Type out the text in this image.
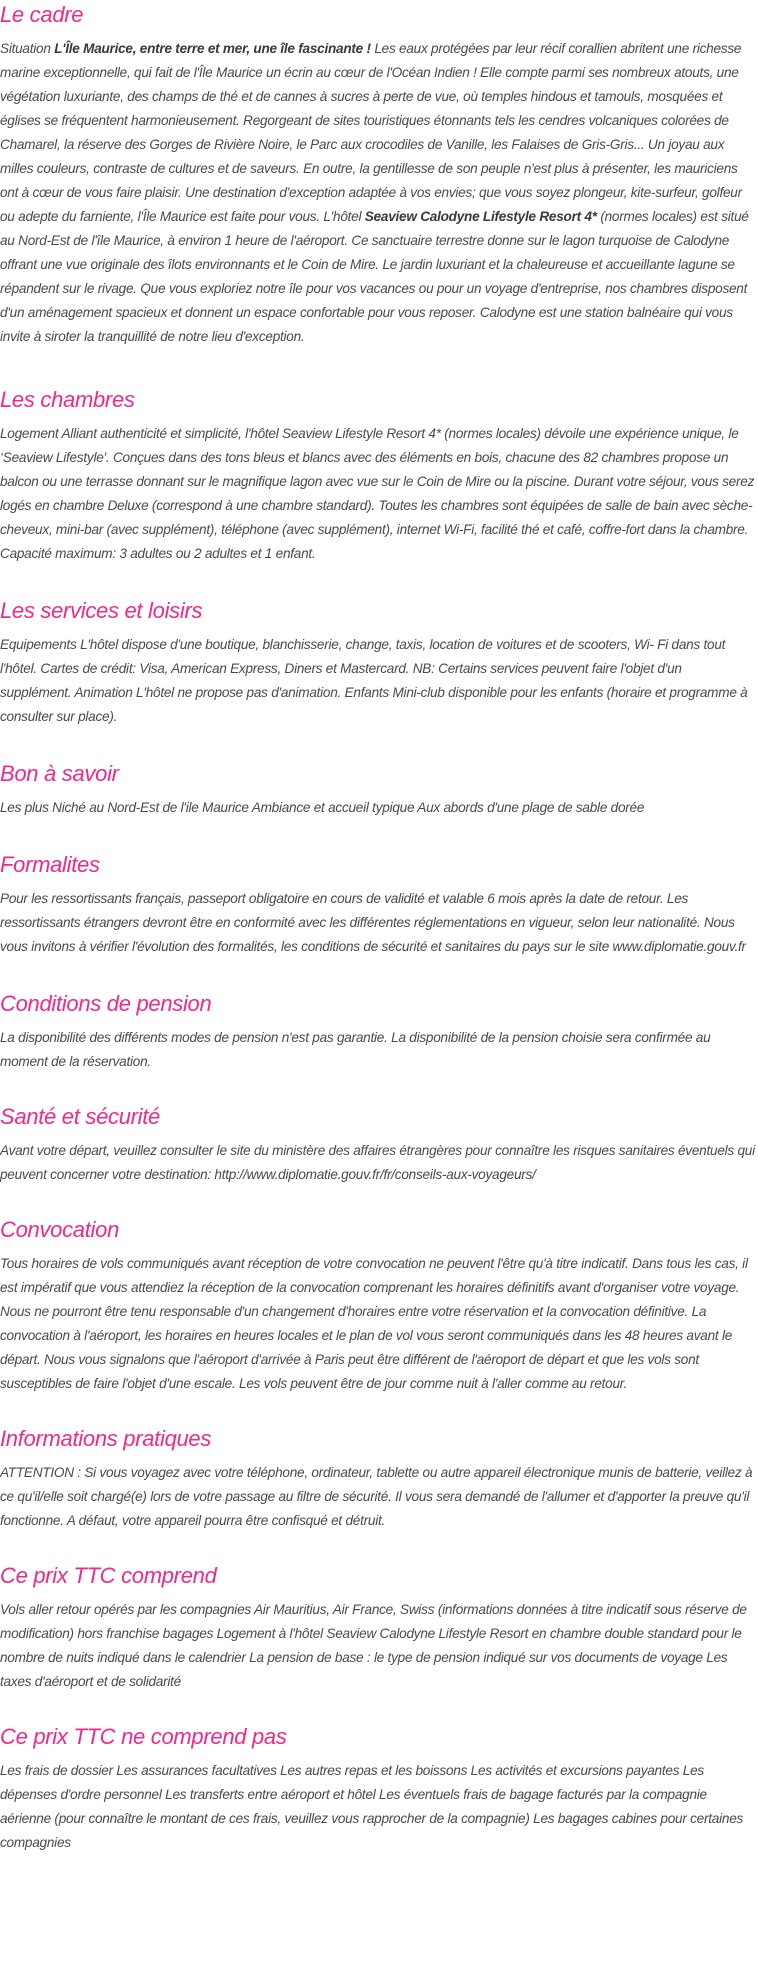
Le cadre

Situation L'Île Maurice, entre terre et mer, une île fascinante ! Les eaux protégées par leur récif corallien abritent une richesse marine exceptionnelle, qui fait de l'Île Maurice un écrin au cœur de l'Océan Indien ! Elle compte parmi ses nombreux atouts, une végétation luxuriante, des champs de thé et de cannes à sucres à perte de vue, où temples hindous et tamouls, mosquées et églises se fréquentent harmonieusement. Regorgeant de sites touristiques étonnants tels les cendres volcaniques colorées de Chamarel, la réserve des Gorges de Rivière Noire, le Parc aux crocodiles de Vanille, les Falaises de Gris-Gris... Un joyau aux milles couleurs, contraste de cultures et de saveurs. En outre, la gentillesse de son peuple n'est plus à présenter, les mauriciens ont à cœur de vous faire plaisir. Une destination d'exception adaptée à vos envies; que vous soyez plongeur, kite-surfeur, golfeur ou adepte du farniente, l'Île Maurice est faite pour vous. L'hôtel Seaview Calodyne Lifestyle Resort 4* (normes locales) est situé au Nord-Est de l'île Maurice, à environ 1 heure de l'aéroport. Ce sanctuaire terrestre donne sur le lagon turquoise de Calodyne offrant une vue originale des îlots environnants et le Coin de Mire. Le jardin luxuriant et la chaleureuse et accueillante lagune se répandent sur le rivage. Que vous exploriez notre île pour vos vacances ou pour un voyage d'entreprise, nos chambres disposent d'un aménagement spacieux et donnent un espace confortable pour vous reposer. Calodyne est une station balnéaire qui vous invite à siroter la tranquillité de notre lieu d'exception.

Les chambres

Logement Alliant authenticité et simplicité, l'hôtel Seaview Lifestyle Resort 4* (normes locales) dévoile une expérience unique, le ‘Seaview Lifestyle'. Conçues dans des tons bleus et blancs avec des éléments en bois, chacune des 82 chambres propose un balcon ou une terrasse donnant sur le magnifique lagon avec vue sur le Coin de Mire ou la piscine. Durant votre séjour, vous serez logés en chambre Deluxe (correspond à une chambre standard). Toutes les chambres sont équipées de salle de bain avec sèche-cheveux, mini-bar (avec supplément), téléphone (avec supplément), internet Wi-Fi, facilité thé et café, coffre-fort dans la chambre. Capacité maximum: 3 adultes ou 2 adultes et 1 enfant.

Les services et loisirs

Equipements L'hôtel dispose d'une boutique, blanchisserie, change, taxis, location de voitures et de scooters, Wi- Fi dans tout l'hôtel. Cartes de crédit: Visa, American Express, Diners et Mastercard. NB: Certains services peuvent faire l'objet d'un supplément. Animation L'hôtel ne propose pas d'animation. Enfants Mini-club disponible pour les enfants (horaire et programme à consulter sur place).

Bon à savoir

Les plus Niché au Nord-Est de l'ile Maurice Ambiance et accueil typique Aux abords d'une plage de sable dorée

Formalites

Pour les ressortissants français, passeport obligatoire en cours de validité et valable 6 mois après la date de retour. Les ressortissants étrangers devront être en conformité avec les différentes réglementations en vigueur, selon leur nationalité. Nous vous invitons à vérifier l'évolution des formalités, les conditions de sécurité et sanitaires du pays sur le site www.diplomatie.gouv.fr

Conditions de pension

La disponibilité des différents modes de pension n'est pas garantie. La disponibilité de la pension choisie sera confirmée au moment de la réservation.

Santé et sécurité

Avant votre départ, veuillez consulter le site du ministère des affaires étrangères pour connaître les risques sanitaires éventuels qui peuvent concerner votre destination: http://www.diplomatie.gouv.fr/fr/conseils-aux-voyageurs/

Convocation

Tous horaires de vols communiqués avant réception de votre convocation ne peuvent l'être qu'à titre indicatif. Dans tous les cas, il est impératif que vous attendiez la réception de la convocation comprenant les horaires définitifs avant d'organiser votre voyage. Nous ne pourront être tenu responsable d'un changement d'horaires entre votre réservation et la convocation définitive. La convocation à l'aéroport, les horaires en heures locales et le plan de vol vous seront communiqués dans les 48 heures avant le départ. Nous vous signalons que l'aéroport d'arrivée à Paris peut être différent de l'aéroport de départ et que les vols sont susceptibles de faire l'objet d'une escale. Les vols peuvent être de jour comme nuit à l'aller comme au retour.

Informations pratiques

ATTENTION : Si vous voyagez avec votre téléphone, ordinateur, tablette ou autre appareil électronique munis de batterie, veillez à ce qu'il/elle soit chargé(e) lors de votre passage au filtre de sécurité. Il vous sera demandé de l'allumer et d'apporter la preuve qu'il fonctionne. A défaut, votre appareil pourra être confisqué et détruit.

Ce prix TTC comprend

Vols aller retour opérés par les compagnies Air Mauritius, Air France, Swiss (informations données à titre indicatif sous réserve de modification) hors franchise bagages Logement à l'hôtel Seaview Calodyne Lifestyle Resort en chambre double standard pour le nombre de nuits indiqué dans le calendrier La pension de base : le type de pension indiqué sur vos documents de voyage Les taxes d'aéroport et de solidarité

Ce prix TTC ne comprend pas

Les frais de dossier Les assurances facultatives Les autres repas et les boissons Les activités et excursions payantes Les dépenses d'ordre personnel Les transferts entre aéroport et hôtel Les éventuels frais de bagage facturés par la compagnie aérienne (pour connaître le montant de ces frais, veuillez vous rapprocher de la compagnie) Les bagages cabines pour certaines compagnies
